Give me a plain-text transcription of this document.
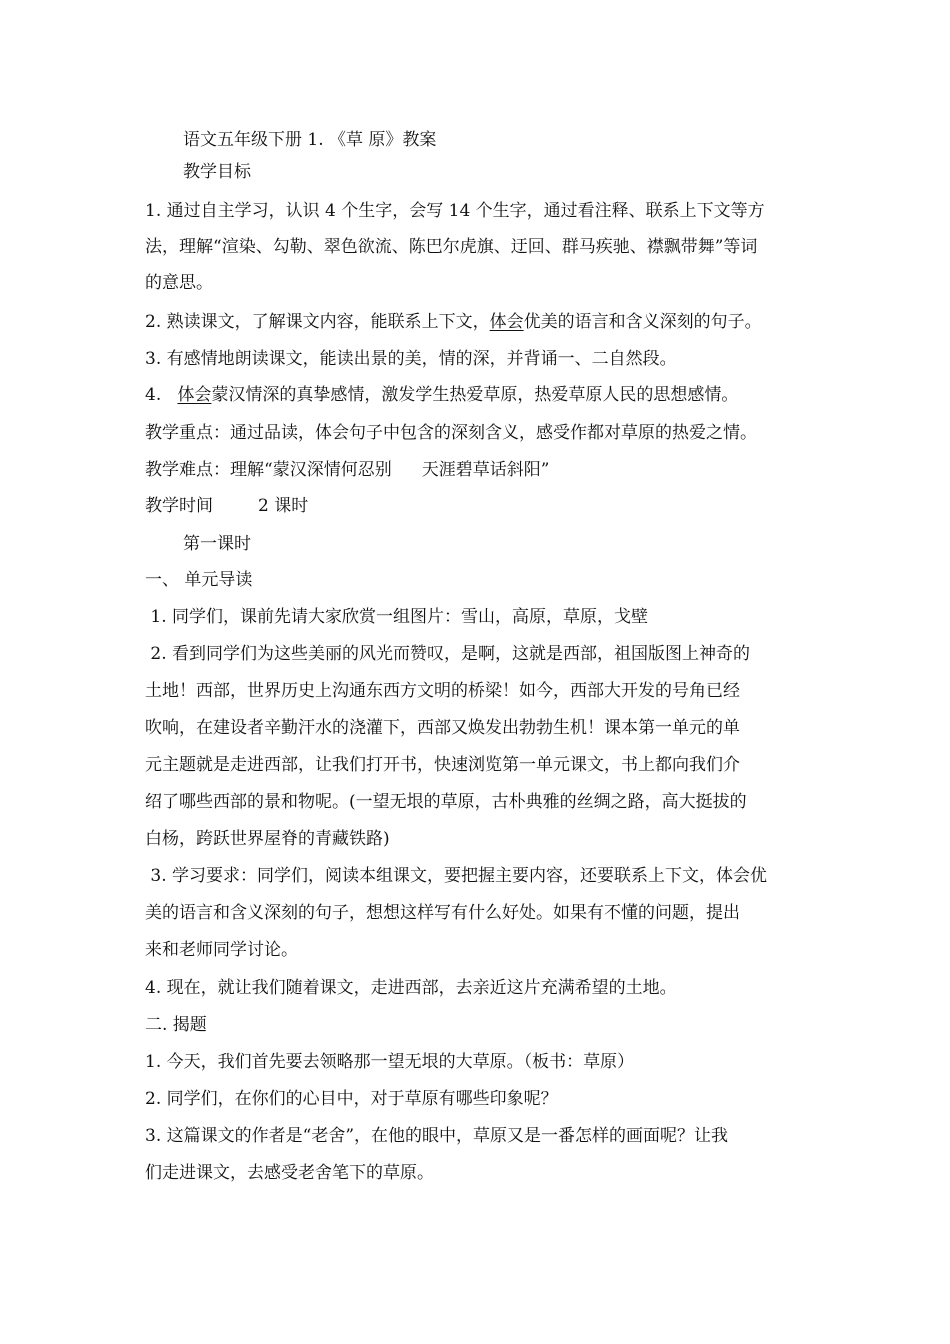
语文五年级下册 1. 《草 原》教案
教学目标
1. 通过自主学习，认识 4 个生字，会写 14 个生字，通过看注释、联系上下文等方
法，理解“渲染、勾勒、翠色欲流、陈巴尔虎旗、迂回、群马疾驰、襟飘带舞”等词
的意思。
2. 熟读课文，了解课文内容，能联系上下文，体会优美的语言和含义深刻的句子。
3. 有感情地朗读课文，能读出景的美，情的深，并背诵一、二自然段。
4.   体会蒙汉情深的真挚感情，激发学生热爱草原，热爱草原人民的思想感情。
教学重点：通过品读，体会句子中包含的深刻含义，感受作都对草原的热爱之情。
教学难点：理解“蒙汉深情何忍别 天涯碧草话斜阳”
教学时间	2 课时
第一课时
一、 单元导读
1. 同学们，课前先请大家欣赏一组图片：雪山，高原，草原，戈壁
2. 看到同学们为这些美丽的风光而赞叹，是啊，这就是西部，祖国版图上神奇的
土地！西部，世界历史上沟通东西方文明的桥梁！如今，西部大开发的号角已经
吹响，在建设者辛勤汗水的浇灌下，西部又焕发出勃勃生机！课本第一单元的单
元主题就是走进西部，让我们打开书，快速浏览第一单元课文，书上都向我们介
绍了哪些西部的景和物呢。(一望无垠的草原，古朴典雅的丝绸之路，高大挺拔的
白杨，跨跃世界屋脊的青藏铁路)
3. 学习要求：同学们，阅读本组课文，要把握主要内容，还要联系上下文，体会优
美的语言和含义深刻的句子，想想这样写有什么好处。如果有不懂的问题，提出
来和老师同学讨论。
4. 现在，就让我们随着课文，走进西部，去亲近这片充满希望的土地。
二. 揭题
1. 今天，我们首先要去领略那一望无垠的大草原。（板书：草原）
2. 同学们，在你们的心目中，对于草原有哪些印象呢？
3. 这篇课文的作者是“老舍”，在他的眼中，草原又是一番怎样的画面呢？让我
们走进课文，去感受老舍笔下的草原。
